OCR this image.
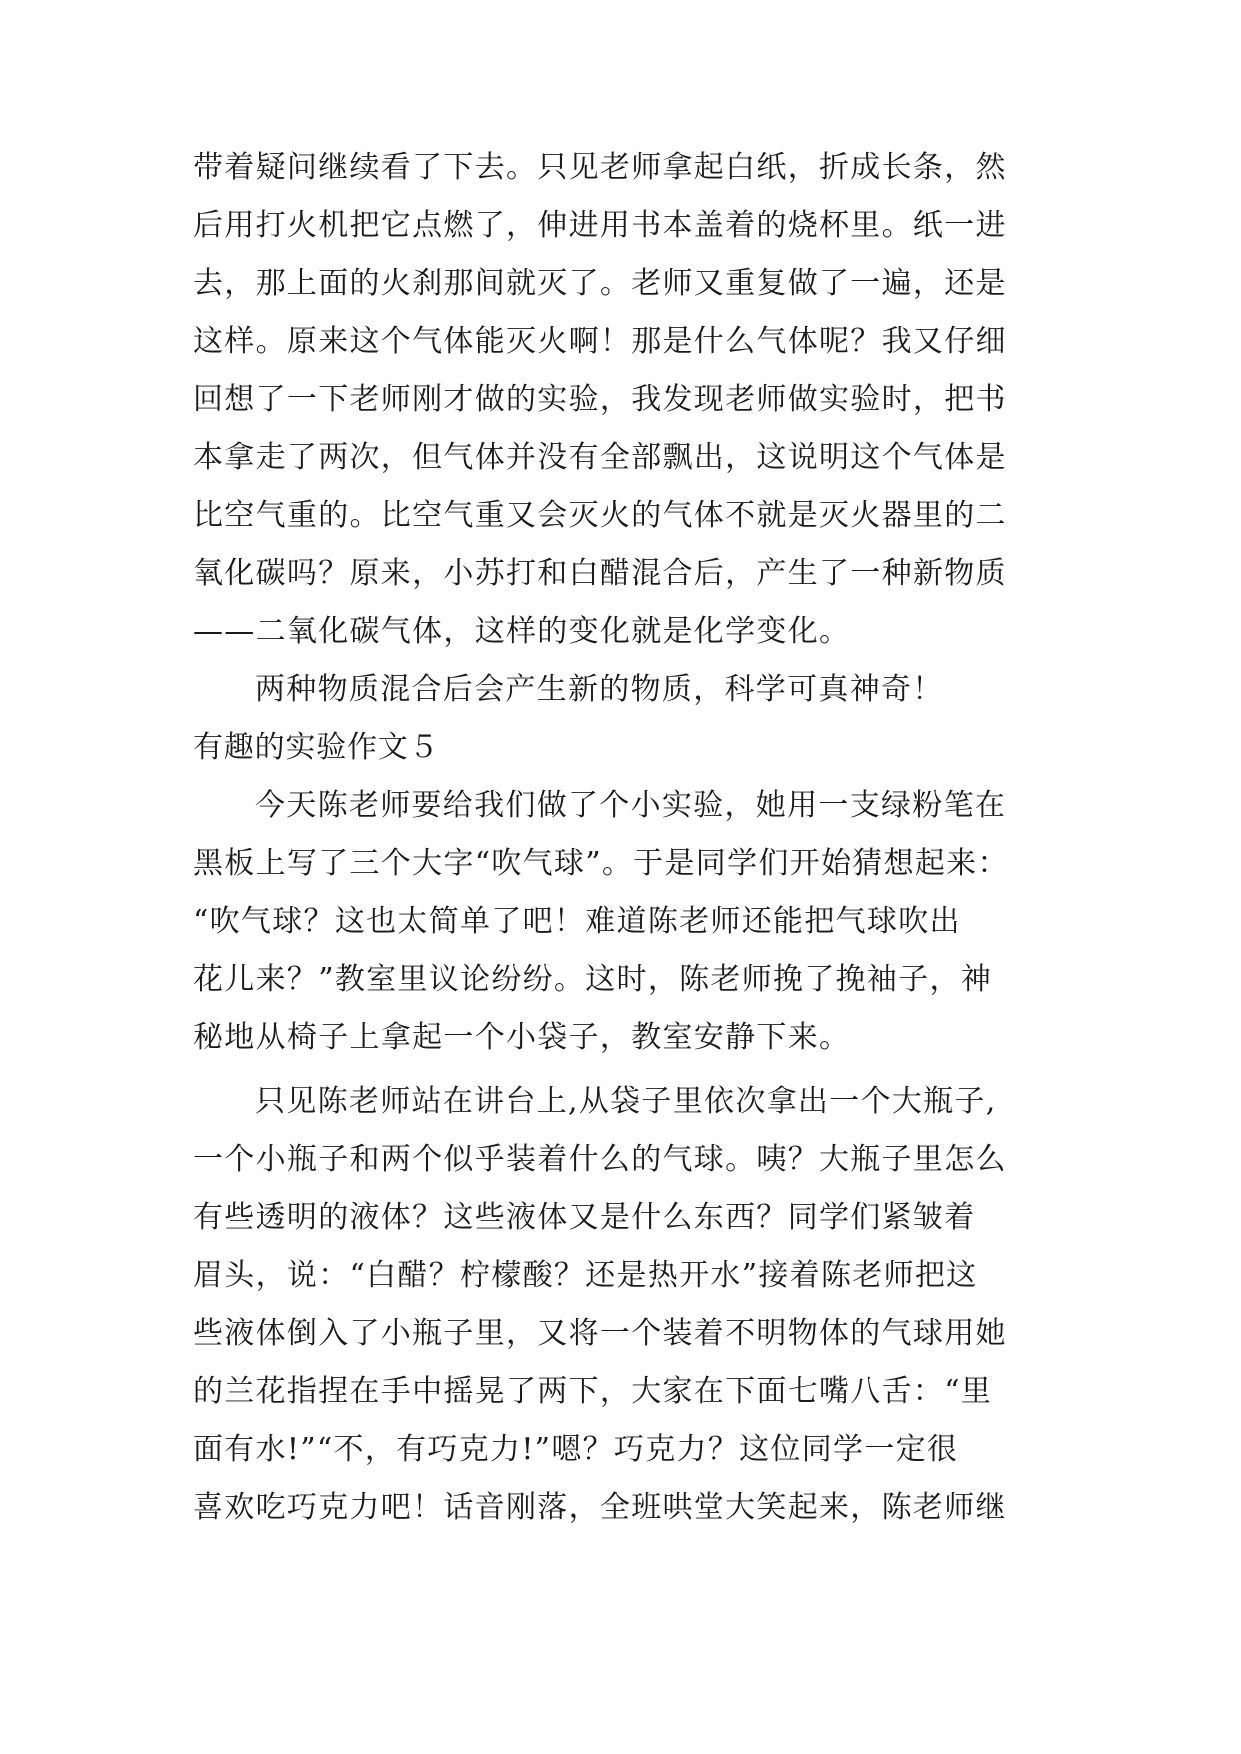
带着疑问继续看了下去。只见老师拿起白纸，折成长条，然
后用打火机把它点燃了，伸进用书本盖着的烧杯里。纸一进
去，那上面的火刹那间就灭了。老师又重复做了一遍，还是
这样。原来这个气体能灭火啊！那是什么气体呢？我又仔细
回想了一下老师刚才做的实验，我发现老师做实验时，把书
本拿走了两次，但气体并没有全部飘出，这说明这个气体是
比空气重的。比空气重又会灭火的气体不就是灭火器里的二
氧化碳吗？原来，小苏打和白醋混合后，产生了一种新物质
——二氧化碳气体，这样的变化就是化学变化。
两种物质混合后会产生新的物质，科学可真神奇！
有趣的实验作文５
今天陈老师要给我们做了个小实验，她用一支绿粉笔在
黑板上写了三个大字“吹气球”。于是同学们开始猜想起来：
“吹气球？这也太简单了吧！难道陈老师还能把气球吹出
花儿来？”教室里议论纷纷。这时，陈老师挽了挽袖子，神
秘地从椅子上拿起一个小袋子，教室安静下来。
只见陈老师站在讲台上,从袋子里依次拿出一个大瓶子,
一个小瓶子和两个似乎装着什么的气球。咦？大瓶子里怎么
有些透明的液体？这些液体又是什么东西？同学们紧皱着
眉头，说：“白醋？柠檬酸？还是热开水”接着陈老师把这
些液体倒入了小瓶子里，又将一个装着不明物体的气球用她
的兰花指捏在手中摇晃了两下，大家在下面七嘴八舌：“里
面有水!”“不，有巧克力!”嗯？巧克力？这位同学一定很
喜欢吃巧克力吧！话音刚落，全班哄堂大笑起来，陈老师继
